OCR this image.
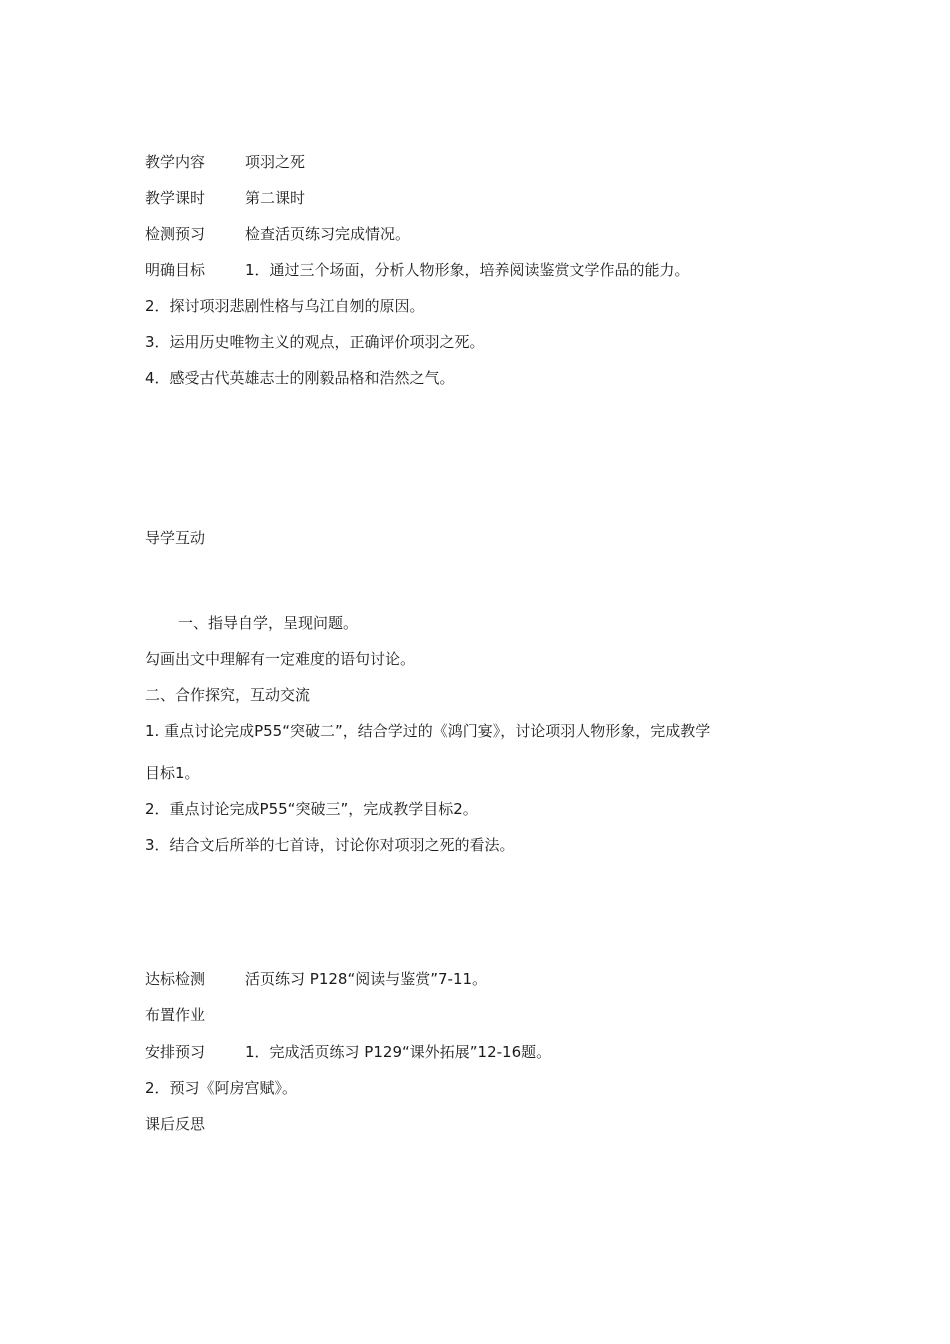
教学内容	项羽之死
教学课时	第二课时
检测预习	检查活页练习完成情况。
明确目标	1．通过三个场面，分析人物形象，培养阅读鉴赏文学作品的能力。
2．探讨项羽悲剧性格与乌江自刎的原因。
3．运用历史唯物主义的观点，正确评价项羽之死。
4．感受古代英雄志士的刚毅品格和浩然之气。
导学互动
一、指导自学，呈现问题。
勾画出文中理解有一定难度的语句讨论。
二、合作探究，互动交流
1. 重点讨论完成P55“突破二”，结合学过的《鸿门宴》，讨论项羽人物形象，完成教学
目标1。
2．重点讨论完成P55“突破三”，完成教学目标2。
3．结合文后所举的七首诗，讨论你对项羽之死的看法。
达标检测	活页练习 P128“阅读与鉴赏”7-11。
布置作业
安排预习	1．完成活页练习 P129“课外拓展”12-16题。
2．预习《阿房宫赋》。
课后反思
